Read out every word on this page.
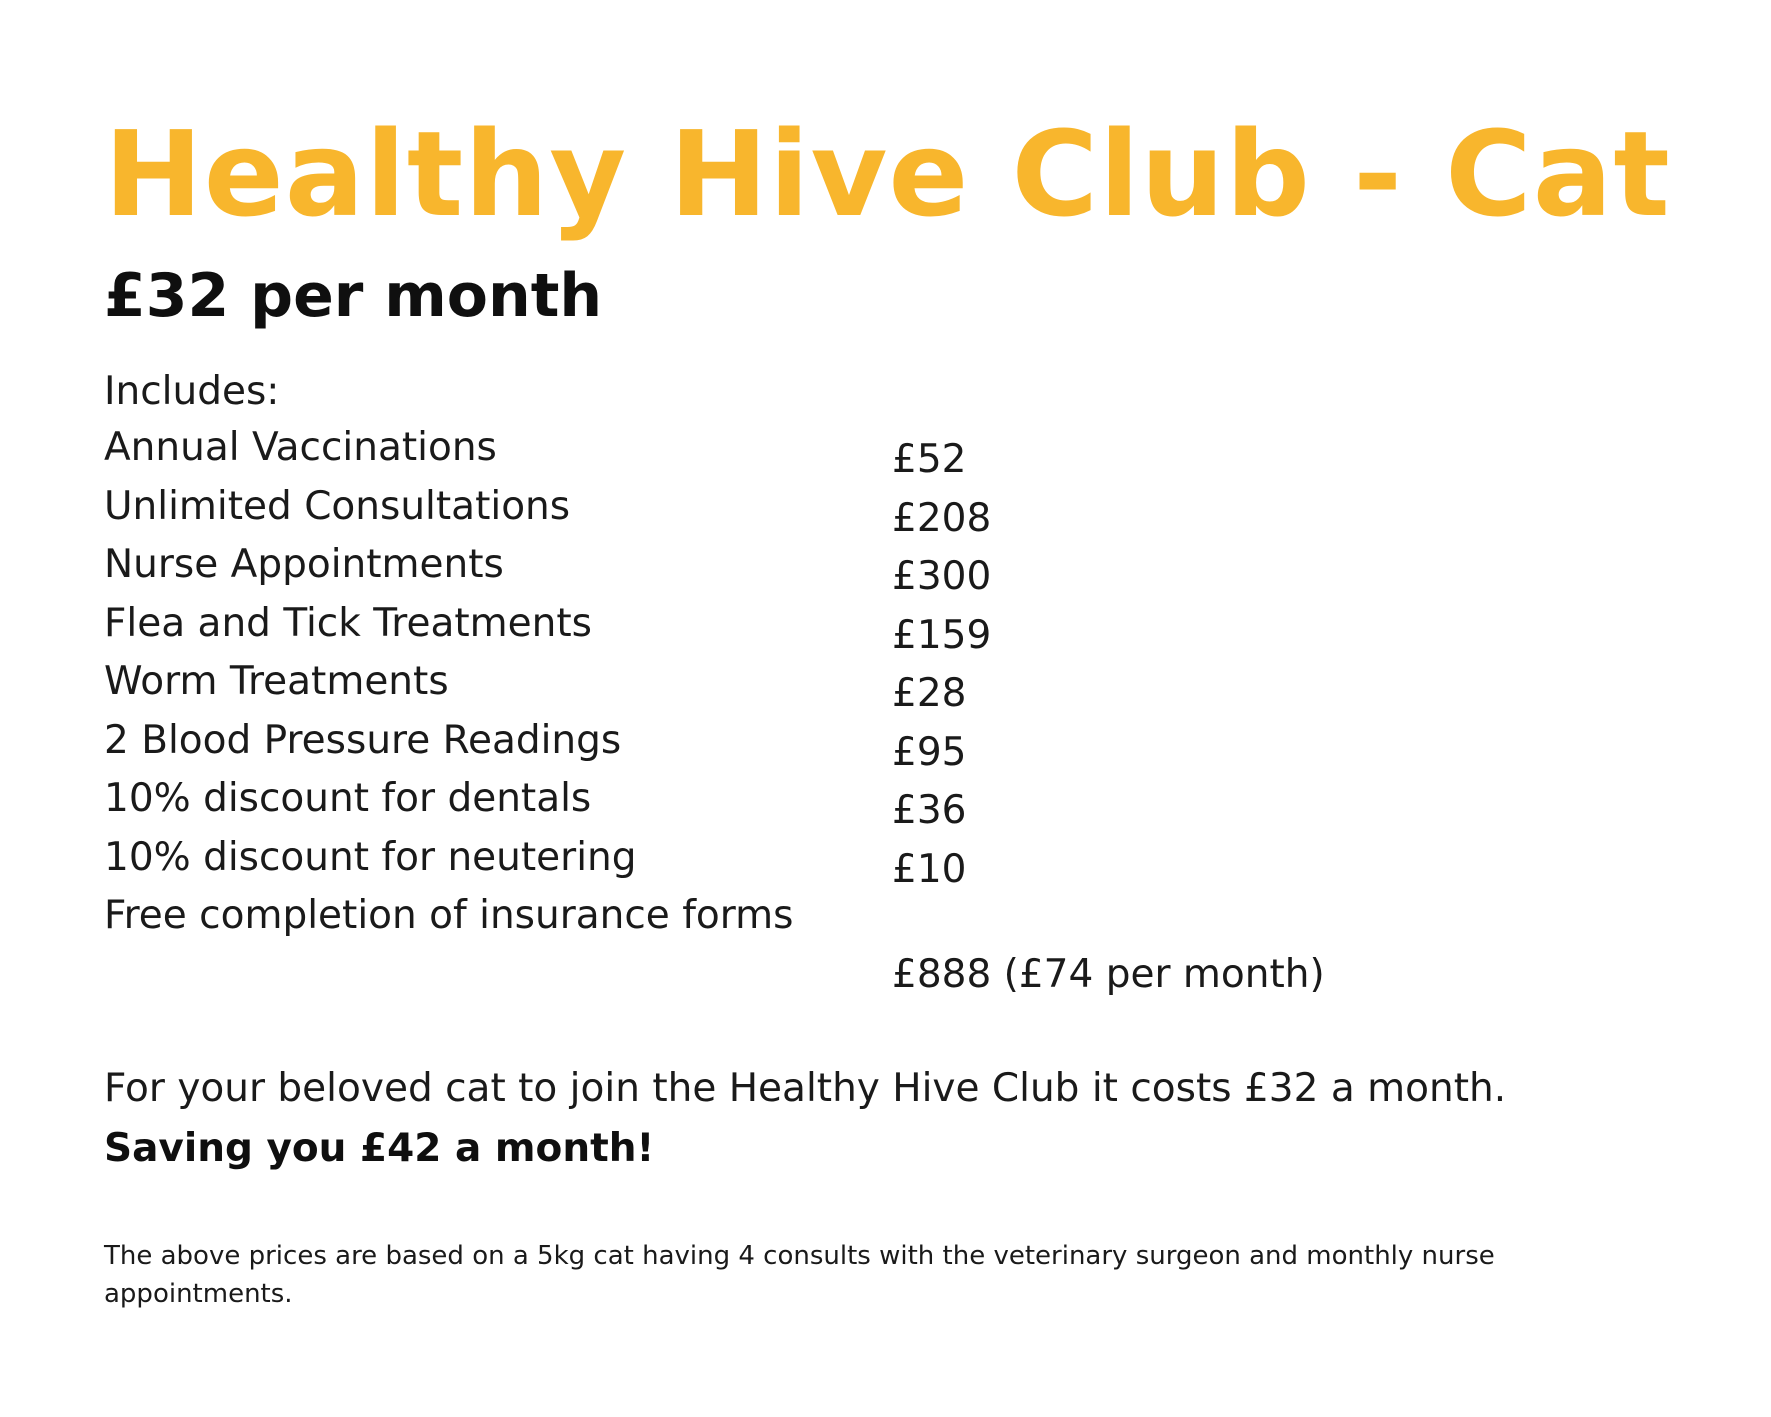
Healthy Hive Club - Cat
£32 per month
Includes:
Annual Vaccinations	£52
Unlimited Consultations	£208
Nurse Appointments	£300
Flea and Tick Treatments	£159
Worm Treatments	£28
2 Blood Pressure Readings	£95
10% discount for dentals	£36
10% discount for neutering	£10
Free completion of insurance forms
£888 (£74 per month)
For your beloved cat to join the Healthy Hive Club it costs £32 a month.
Saving you £42 a month!
The above prices are based on a 5kg cat having 4 consults with the veterinary surgeon and monthly nurse appointments.
